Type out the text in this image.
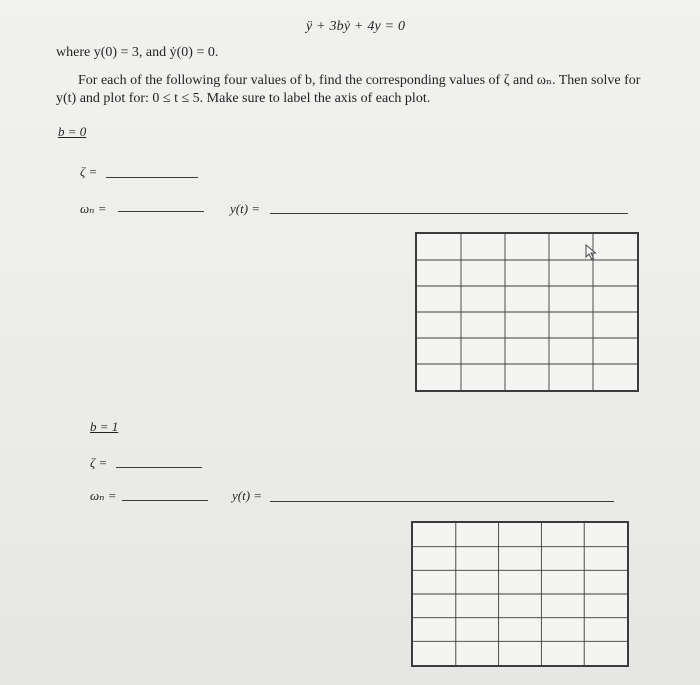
ÿ + 3bẏ + 4y = 0
where y(0) = 3, and ẏ(0) = 0.
For each of the following four values of b, find the corresponding values of ζ and ωₙ. Then solve for
y(t) and plot for: 0 ≤ t ≤ 5. Make sure to label the axis of each plot.
b = 0
ζ =
ωₙ =	y(t) =
b = 1
ζ =
ωₙ =	y(t) =
